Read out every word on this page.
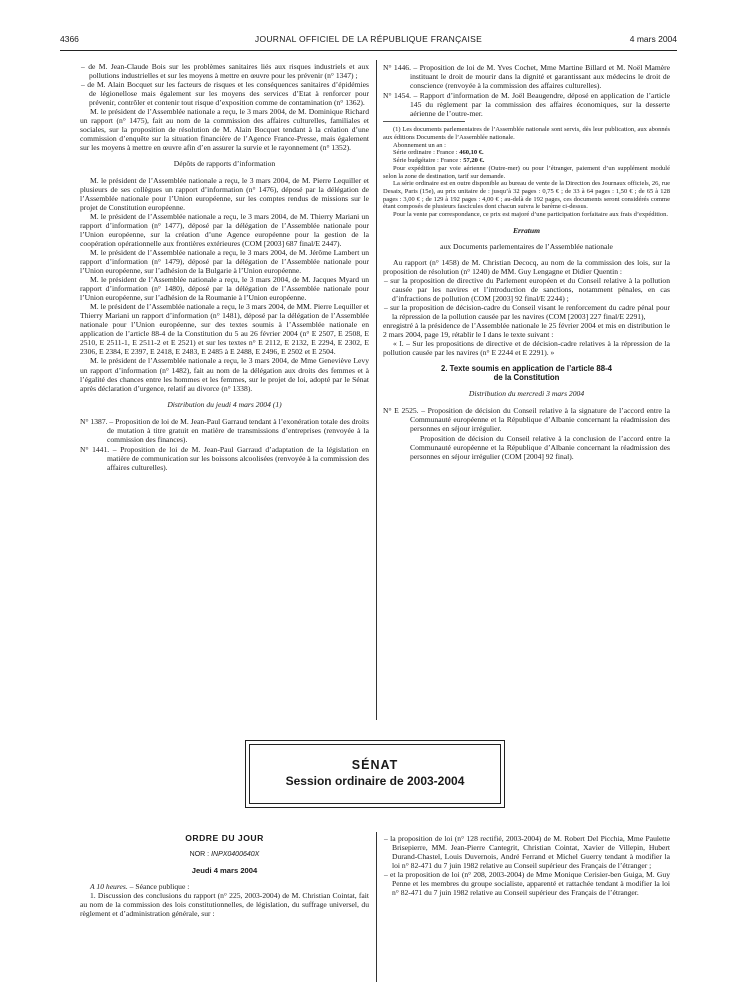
4366	JOURNAL OFFICIEL DE LA RÉPUBLIQUE FRANÇAISE	4 mars 2004

– de M. Jean-Claude Bois sur les problèmes sanitaires liés aux risques industriels et aux pollutions industrielles et sur les moyens à mettre en œuvre pour les prévenir (n° 1347) ;

– de M. Alain Bocquet sur les facteurs de risques et les conséquences sanitaires d’épidémies de légionellose mais également sur les moyens des services d’Etat à renforcer pour prévenir, contrôler et contenir tout risque d’exposition comme de contamination (n° 1362).

M. le président de l’Assemblée nationale a reçu, le 3 mars 2004, de M. Dominique Richard un rapport (n° 1475), fait au nom de la commission des affaires culturelles, familiales et sociales, sur la proposition de résolution de M. Alain Bocquet tendant à la création d’une commission d’enquête sur la situation financière de l’Agence France-Presse, mais également sur les moyens à mettre en œuvre afin d’en assurer la survie et le rayonnement (n° 1352).

Dépôts de rapports d’information

M. le président de l’Assemblée nationale a reçu, le 3 mars 2004, de M. Pierre Lequiller et plusieurs de ses collègues un rapport d’information (n° 1476), déposé par la délégation de l’Assemblée nationale pour l’Union européenne, sur les comptes rendus de missions sur le projet de Constitution européenne.

M. le président de l’Assemblée nationale a reçu, le 3 mars 2004, de M. Thierry Mariani un rapport d’information (n° 1477), déposé par la délégation de l’Assemblée nationale pour l’Union européenne, sur la création d’une Agence européenne pour la gestion de la coopération opérationnelle aux frontières extérieures (COM [2003] 687 final/E 2447).

M. le président de l’Assemblée nationale a reçu, le 3 mars 2004, de M. Jérôme Lambert un rapport d’information (n° 1479), déposé par la délégation de l’Assemblée nationale pour l’Union européenne, sur l’adhésion de la Bulgarie à l’Union européenne.

M. le président de l’Assemblée nationale a reçu, le 3 mars 2004, de M. Jacques Myard un rapport d’information (n° 1480), déposé par la délégation de l’Assemblée nationale pour l’Union européenne, sur l’adhésion de la Roumanie à l’Union européenne.

M. le président de l’Assemblée nationale a reçu, le 3 mars 2004, de MM. Pierre Lequiller et Thierry Mariani un rapport d’information (n° 1481), déposé par la délégation de l’Assemblée nationale pour l’Union européenne, sur des textes soumis à l’Assemblée nationale en application de l’article 88-4 de la Constitution du 5 au 26 février 2004 (n° E 2507, E 2508, E 2510, E 2511-1, E 2511-2 et E 2521) et sur les textes n° E 2112, E 2132, E 2294, E 2302, E 2306, E 2384, E 2397, E 2418, E 2483, E 2485 à E 2488, E 2496, E 2502 et E 2504.

M. le président de l’Assemblée nationale a reçu, le 3 mars 2004, de Mme Geneviève Levy un rapport d’information (n° 1482), fait au nom de la délégation aux droits des femmes et à l’égalité des chances entre les hommes et les femmes, sur le projet de loi, adopté par le Sénat après déclaration d’urgence, relatif au divorce (n° 1338).

Distribution du jeudi 4 mars 2004 (1)

N° 1387. – Proposition de loi de M. Jean-Paul Garraud tendant à l’exonération totale des droits de mutation à titre gratuit en matière de transmissions d’entreprises (renvoyée à la commission des finances).

N° 1441. – Proposition de loi de M. Jean-Paul Garraud d’adaptation de la législation en matière de communication sur les boissons alcoolisées (renvoyée à la commission des affaires culturelles).

N° 1446. – Proposition de loi de M. Yves Cochet, Mme Martine Billard et M. Noël Mamère instituant le droit de mourir dans la dignité et garantissant aux médecins le droit de conscience (renvoyée à la commission des affaires culturelles).

N° 1454. – Rapport d’information de M. Joël Beaugendre, déposé en application de l’article 145 du règlement par la commission des affaires économiques, sur la desserte aérienne de l’outre-mer.

(1) Les documents parlementaires de l’Assemblée nationale sont servis, dès leur publication, aux abonnés aux éditions Documents de l’Assemblée nationale.

Abonnement un an :

Série ordinaire : France : 460,10 €.

Série budgétaire : France : 57,20 €.

Pour expédition par voie aérienne (Outre-mer) ou pour l’étranger, paiement d’un supplément modulé selon la zone de destination, tarif sur demande.

La série ordinaire est en outre disponible au bureau de vente de la Direction des Journaux officiels, 26, rue Desaix, Paris (15e), au prix unitaire de : jusqu’à 32 pages : 0,75 € ; de 33 à 64 pages : 1,50 € ; de 65 à 128 pages : 3,00 € ; de 129 à 192 pages : 4,00 € ; au-delà de 192 pages, ces documents seront considérés comme étant composés de plusieurs fascicules dont chacun suivra le barème ci-dessus.

Pour la vente par correspondance, ce prix est majoré d’une participation forfaitaire aux frais d’expédition.

Erratum

aux Documents parlementaires de l’Assemblée nationale

Au rapport (n° 1458) de M. Christian Decocq, au nom de la commission des lois, sur la proposition de résolution (n° 1240) de MM. Guy Lengagne et Didier Quentin :

– sur la proposition de directive du Parlement européen et du Conseil relative à la pollution causée par les navires et l’introduction de sanctions, notamment pénales, en cas d’infractions de pollution (COM [2003] 92 final/E 2244) ;

– sur la proposition de décision-cadre du Conseil visant le renforcement du cadre pénal pour la répression de la pollution causée par les navires (COM [2003] 227 final/E 2291),

enregistré à la présidence de l’Assemblée nationale le 25 février 2004 et mis en distribution le 2 mars 2004, page 19, rétablir le I dans le texte suivant :

« I. – Sur les propositions de directive et de décision-cadre relatives à la répression de la pollution causée par les navires (n° E 2244 et E 2291). »

2. Texte soumis en application de l’article 88-4

de la Constitution

Distribution du mercredi 3 mars 2004

N° E 2525. – Proposition de décision du Conseil relative à la signature de l’accord entre la Communauté européenne et la République d’Albanie concernant la réadmission des personnes en séjour irrégulier.

Proposition de décision du Conseil relative à la conclusion de l’accord entre la Communauté européenne et la République d’Albanie concernant la réadmission des personnes en séjour irrégulier (COM [2004] 92 final).

SÉNAT
Session ordinaire de 2003-2004

ORDRE DU JOUR

NOR : INPX0400640X

Jeudi 4 mars 2004

A 10 heures. – Séance publique :

1. Discussion des conclusions du rapport (n° 225, 2003-2004) de M. Christian Cointat, fait au nom de la commission des lois constitutionnelles, de législation, du suffrage universel, du règlement et d’administration générale, sur :

– la proposition de loi (n° 128 rectifié, 2003-2004) de M. Robert Del Picchia, Mme Paulette Brisepierre, MM. Jean-Pierre Cantegrit, Christian Cointat, Xavier de Villepin, Hubert Durand-Chastel, Louis Duvernois, André Ferrand et Michel Guerry tendant à modifier la loi n° 82-471 du 7 juin 1982 relative au Conseil supérieur des Français de l’étranger ;

– et la proposition de loi (n° 208, 2003-2004) de Mme Monique Cerisier-ben Guiga, M. Guy Penne et les membres du groupe socialiste, apparenté et rattachée tendant à modifier la loi n° 82-471 du 7 juin 1982 relative au Conseil supérieur des Français de l’étranger.
